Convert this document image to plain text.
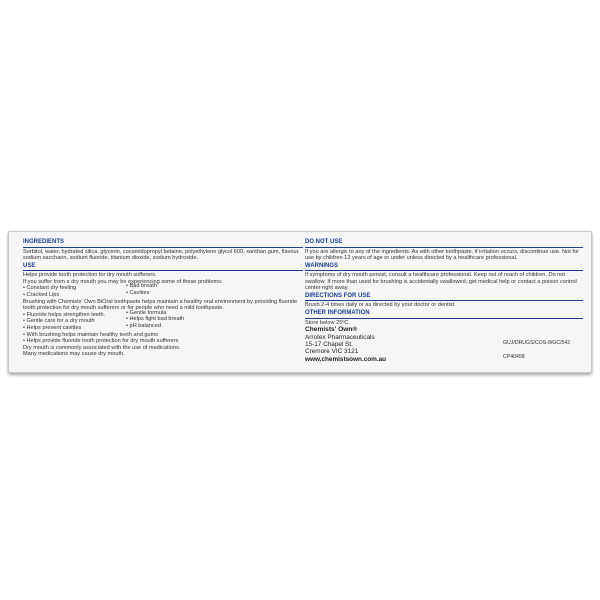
INGREDIENTS

Sorbitol, water, hydrated silica, glycerin, cocamidopropyl betaine, polyethylene glycol 600, xanthan gum, flavour, sodium saccharin, sodium fluoride, titanium dioxide, sodium hydroxide.

USE

Helps provide tooth protection for dry mouth sufferers.

If you suffer from a dry mouth you may be experiencing some of these problems:

• Constant dry feeling
• Cracked Lips
• Bad breath
• Cavities

Brushing with Chemists' Own BiOral toothpaste helps maintain a healthy oral environment by providing fluoride tooth protection for dry mouth sufferers or for people who need a mild toothpaste.

• Fluoride helps strengthen teeth.
• Gentle care for a dry mouth
• Helps prevent cavities
• Gentle formula
• Helps fight bad breath
• pH balanced
• With brushing helps maintain healthy teeth and gums
• Helps provide fluoride tooth protection for dry mouth sufferers

Dry mouth is commonly associated with the use of medications.

Many medications may cause dry mouth.

DO NOT USE

If you are allergic to any of the ingredients. As with other toothpaste, if irritation occurs, discontinue use. Not for use by children 12 years of age or under unless directed by a healthcare professional.

WARNINGS

If symptoms of dry mouth persist, consult a healthcare professional. Keep out of reach of children. Do not swallow. If more than used for brushing is accidentally swallowed, get medical help or contact a poison control center right away.

DIRECTIONS FOR USE

Brush 2-4 times daily or as directed by your doctor or dentist.

OTHER INFORMATION

Store below 25ºC.

Chemists' Own®
Arrotex Pharmaceuticals
15-17 Chapel St,
Cremore VIC 3121
www.chemistsown.com.au
GUJ/DRUGS/COS-8/GC/542
CP40458
